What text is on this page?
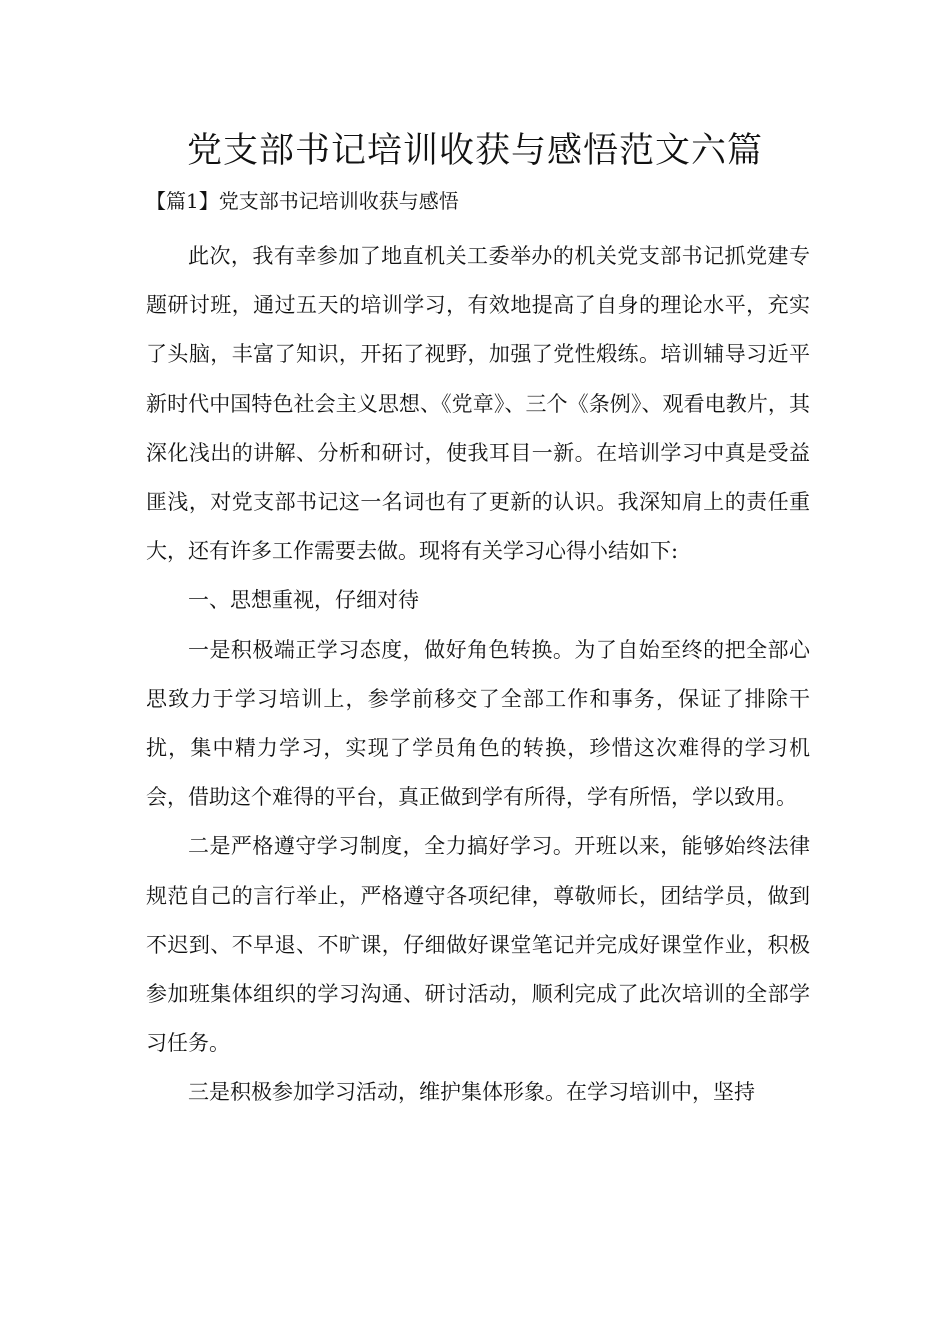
党支部书记培训收获与感悟范文六篇
【篇1】党支部书记培训收获与感悟

此次，我有幸参加了地直机关工委举办的机关党支部书记抓党建专题研讨班，通过五天的培训学习，有效地提高了自身的理论水平，充实了头脑，丰富了知识，开拓了视野，加强了党性煅练。培训辅导习近平新时代中国特色社会主义思想、《党章》、三个《条例》、观看电教片，其深化浅出的讲解、分析和研讨，使我耳目一新。在培训学习中真是受益匪浅，对党支部书记这一名词也有了更新的认识。我深知肩上的责任重大，还有许多工作需要去做。现将有关学习心得小结如下:

一、思想重视，仔细对待

一是积极端正学习态度，做好角色转换。为了自始至终的把全部心思致力于学习培训上，参学前移交了全部工作和事务，保证了排除干扰，集中精力学习，实现了学员角色的转换，珍惜这次难得的学习机会，借助这个难得的平台，真正做到学有所得，学有所悟，学以致用。

二是严格遵守学习制度，全力搞好学习。开班以来，能够始终法律规范自己的言行举止，严格遵守各项纪律，尊敬师长，团结学员，做到不迟到、不早退、不旷课，仔细做好课堂笔记并完成好课堂作业，积极参加班集体组织的学习沟通、研讨活动，顺利完成了此次培训的全部学习任务。

三是积极参加学习活动，维护集体形象。在学习培训中，坚持
